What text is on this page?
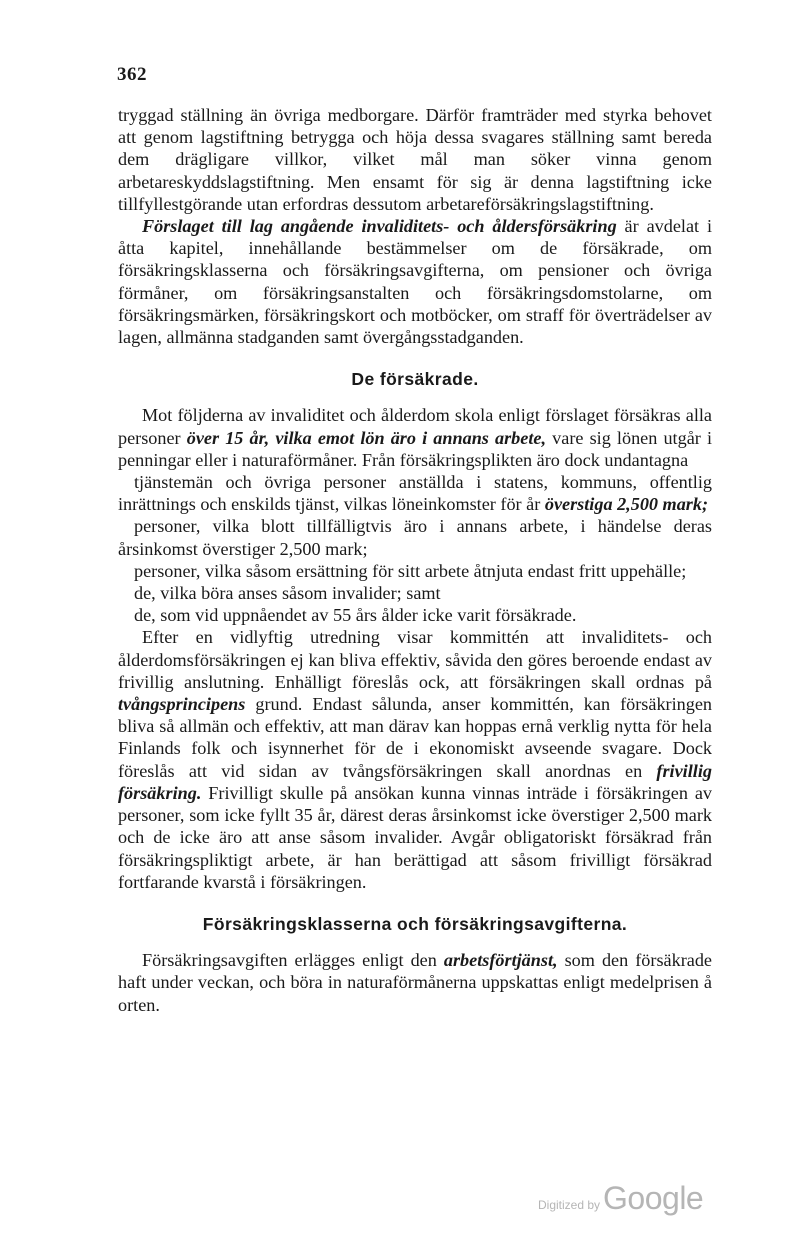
362

tryggad ställning än övriga medborgare. Därför framträder med styrka behovet att genom lagstiftning betrygga och höja dessa svagares ställning samt bereda dem drägligare villkor, vilket mål man söker vinna genom arbetareskyddslagstiftning. Men ensamt för sig är denna lagstiftning icke tillfyllestgörande utan erfordras dessutom arbetareförsäkringslagstiftning.

Förslaget till lag angående invaliditets- och åldersförsäkring är avdelat i åtta kapitel, innehållande bestämmelser om de försäkrade, om försäkringsklasserna och försäkringsavgifterna, om pensioner och övriga förmåner, om försäkringsanstalten och försäkringsdomstolarne, om försäkringsmärken, försäkringskort och motböcker, om straff för överträdelser av lagen, allmänna stadganden samt övergångsstadganden.

De försäkrade.

Mot följderna av invaliditet och ålderdom skola enligt förslaget försäkras alla personer över 15 år, vilka emot lön äro i annans arbete, vare sig lönen utgår i penningar eller i naturaförmåner. Från försäkringsplikten äro dock undantagna

tjänstemän och övriga personer anställda i statens, kommuns, offentlig inrättnings och enskilds tjänst, vilkas löneinkomster för år överstiga 2,500 mark;

personer, vilka blott tillfälligtvis äro i annans arbete, i händelse deras årsinkomst överstiger 2,500 mark;

personer, vilka såsom ersättning för sitt arbete åtnjuta endast fritt uppehälle;

de, vilka böra anses såsom invalider; samt

de, som vid uppnåendet av 55 års ålder icke varit försäkrade.

Efter en vidlyftig utredning visar kommittén att invaliditets- och ålderdomsförsäkringen ej kan bliva effektiv, såvida den göres beroende endast av frivillig anslutning. Enhälligt föreslås ock, att försäkringen skall ordnas på tvångsprincipens grund. Endast sålunda, anser kommittén, kan försäkringen bliva så allmän och effektiv, att man därav kan hoppas ernå verklig nytta för hela Finlands folk och isynnerhet för de i ekonomiskt avseende svagare. Dock föreslås att vid sidan av tvångsförsäkringen skall anordnas en frivillig försäkring. Frivilligt skulle på ansökan kunna vinnas inträde i försäkringen av personer, som icke fyllt 35 år, därest deras årsinkomst icke överstiger 2,500 mark och de icke äro att anse såsom invalider. Avgår obligatoriskt försäkrad från försäkringspliktigt arbete, är han berättigad att såsom frivilligt försäkrad fortfarande kvarstå i försäkringen.

Försäkringsklasserna och försäkringsavgifterna.

Försäkringsavgiften erlägges enligt den arbetsförtjänst, som den försäkrade haft under veckan, och böra in naturaförmånerna uppskattas enligt medelprisen å orten.

Digitized by Google
